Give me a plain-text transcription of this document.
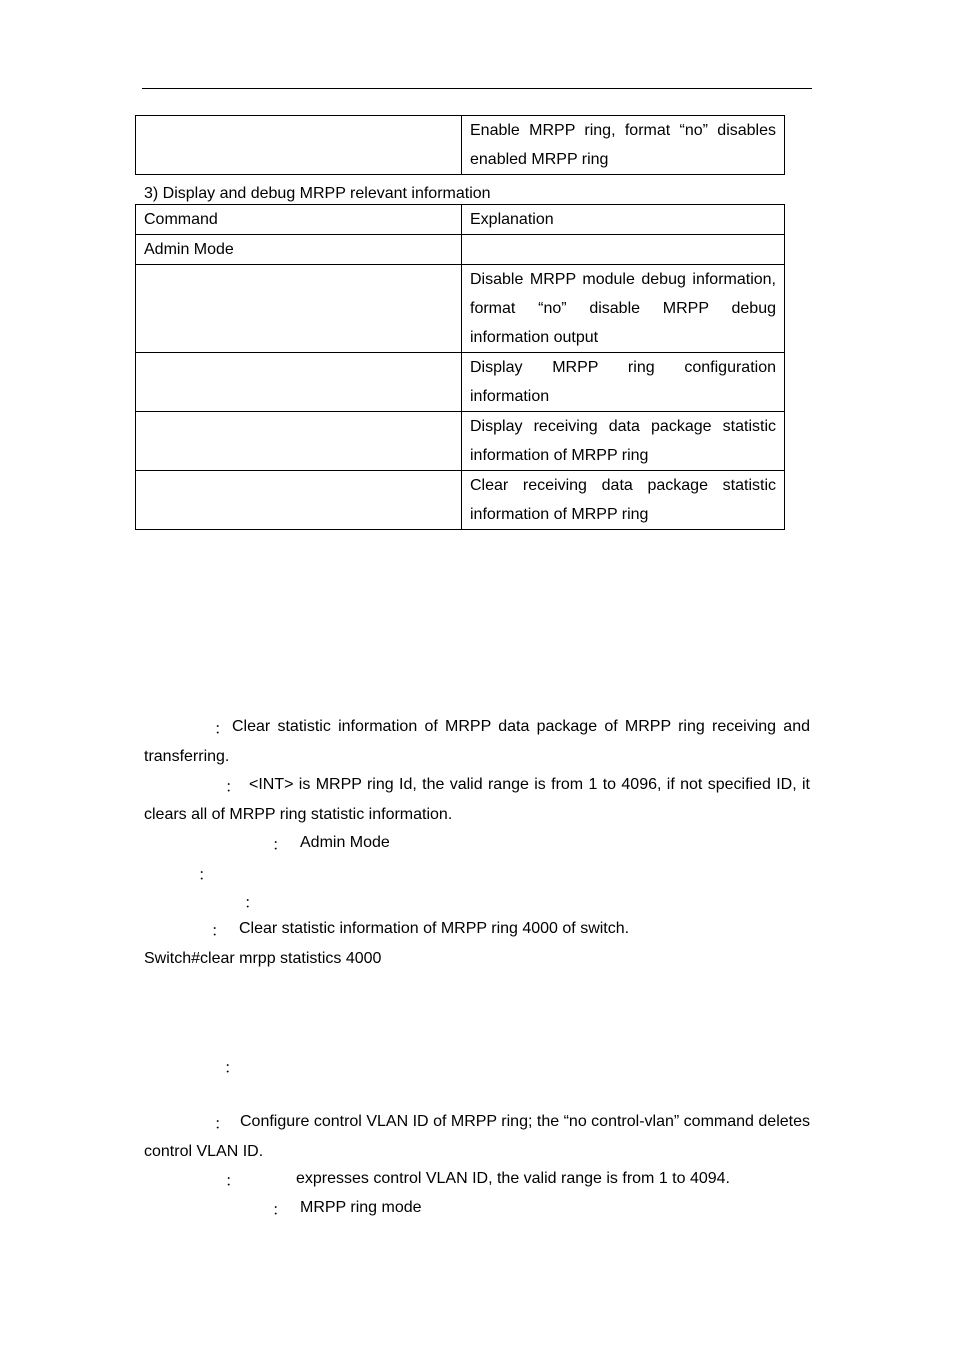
	Enable MRPP ring, format “no” disables enabled MRPP ring
3) Display and debug MRPP relevant information
Command	Explanation
Admin Mode	
	Disable MRPP module debug information, format “no” disable MRPP debug information output
	Display MRPP ring configuration information
	Display receiving data package statistic information of MRPP ring
	Clear receiving data package statistic information of MRPP ring
： Clear statistic information of MRPP data package of MRPP ring receiving and transferring.
： <INT> is MRPP ring Id, the valid range is from 1 to 4096, if not specified ID, it clears all of MRPP ring statistic information.
： Admin Mode
：
：
： Clear statistic information of MRPP ring 4000 of switch.
Switch#clear mrpp statistics 4000
：
： Configure control VLAN ID of MRPP ring; the “no control-vlan” command deletes control VLAN ID.
：	expresses control VLAN ID, the valid range is from 1 to 4094.
： MRPP ring mode
